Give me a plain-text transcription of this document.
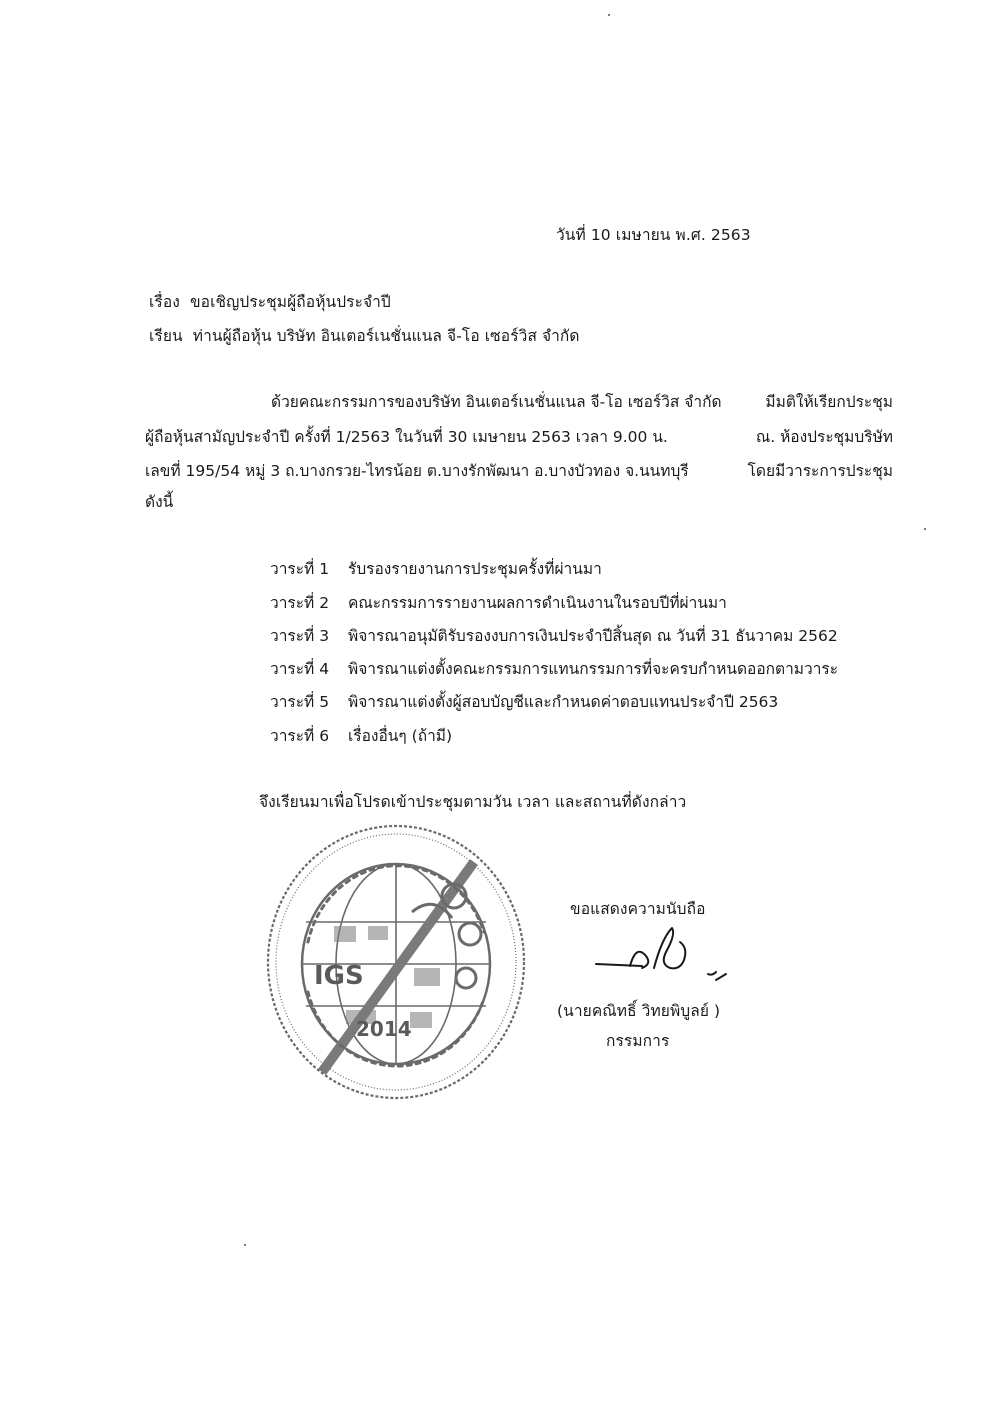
วันที่ 10 เมษายน พ.ศ. 2563
เรื่อง ขอเชิญประชุมผู้ถือหุ้นประจำปี
เรียน ท่านผู้ถือหุ้น บริษัท อินเตอร์เนชั่นแนล จี-โอ เซอร์วิส จำกัด
ด้วยคณะกรรมการของบริษัท อินเตอร์เนชั่นแนล จี-โอ เซอร์วิส จำกัด	มีมติให้เรียกประชุม
ผู้ถือหุ้นสามัญประจำปี ครั้งที่ 1/2563 ในวันที่ 30 เมษายน 2563 เวลา 9.00 น.	ณ. ห้องประชุมบริษัท
เลขที่ 195/54 หมู่ 3 ถ.บางกรวย-ไทรน้อย ต.บางรักพัฒนา อ.บางบัวทอง จ.นนทบุรี	โดยมีวาระการประชุม
ดังนี้
วาระที่ 1 รับรองรายงานการประชุมครั้งที่ผ่านมา
วาระที่ 2 คณะกรรมการรายงานผลการดำเนินงานในรอบปีที่ผ่านมา
วาระที่ 3 พิจารณาอนุมัติรับรองงบการเงินประจำปีสิ้นสุด ณ วันที่ 31 ธันวาคม 2562
วาระที่ 4 พิจารณาแต่งตั้งคณะกรรมการแทนกรรมการที่จะครบกำหนดออกตามวาระ
วาระที่ 5 พิจารณาแต่งตั้งผู้สอบบัญชีและกำหนดค่าตอบแทนประจำปี 2563
วาระที่ 6 เรื่องอื่นๆ (ถ้ามี)
จึงเรียนมาเพื่อโปรดเข้าประชุมตามวัน เวลา และสถานที่ดังกล่าว
IGS
2014
ขอแสดงความนับถือ
(นายคณิทธิ์ วิทยพิบูลย์ )
กรรมการ
